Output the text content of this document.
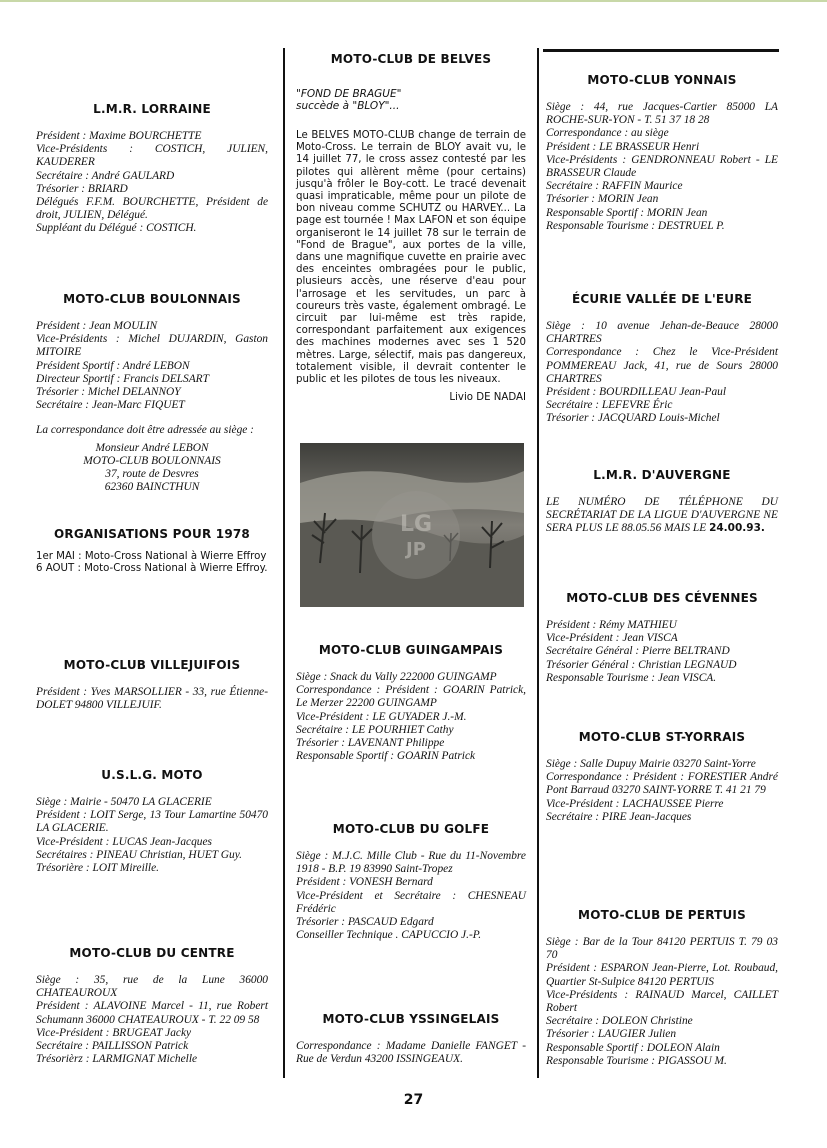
L.M.R. LORRAINE

Président : Maxime BOURCHETTE

Vice-Présidents : COSTICH, JULIEN, KAUDERER

Secrétaire : André GAULARD

Trésorier : BRIARD

Délégués F.F.M. BOURCHETTE, Président de droit, JULIEN, Délégué.

Suppléant du Délégué : COSTICH.

MOTO-CLUB BOULONNAIS

Président : Jean MOULIN

Vice-Présidents : Michel DUJARDIN, Gaston MITOIRE

Président Sportif : André LEBON

Directeur Sportif : Francis DELSART

Trésorier : Michel DELANNOY

Secrétaire : Jean-Marc FIQUET

La correspondance doit être adressée au siège :

Monsieur André LEBON

MOTO-CLUB BOULONNAIS

37, route de Desvres

62360 BAINCTHUN

ORGANISATIONS POUR 1978

1er MAI : Moto-Cross National à Wierre Effroy

6 AOUT : Moto-Cross National à Wierre Effroy.

MOTO-CLUB VILLEJUIFOIS

Président : Yves MARSOLLIER - 33, rue Étienne-DOLET 94800 VILLEJUIF.

U.S.L.G. MOTO

Siège : Mairie - 50470 LA GLACERIE

Président : LOIT Serge, 13 Tour Lamartine 50470 LA GLACERIE.

Vice-Président : LUCAS Jean-Jacques

Secrétaires : PINEAU Christian, HUET Guy.

Trésorière : LOIT Mireille.

MOTO-CLUB DU CENTRE

Siège : 35, rue de la Lune 36000 CHATEAUROUX

Président : ALAVOINE Marcel - 11, rue Robert Schumann 36000 CHATEAUROUX - T. 22 09 58

Vice-Président : BRUGEAT Jacky

Secrétaire : PAILLISSON Patrick

Trésorièrz : LARMIGNAT Michelle

MOTO-CLUB DE BELVES
"FOND DE BRAGUE"
succède à "BLOY"...
Le BELVES MOTO-CLUB change de terrain de Moto-Cross. Le terrain de BLOY avait vu, le 14 juillet 77, le cross assez contesté par les pilotes qui allèrent même (pour certains) jusqu'à frôler le Boy-cott. Le tracé devenait quasi impraticable, même pour un pilote de bon niveau comme SCHUTZ ou HARVEY... La page est tournée ! Max LAFON et son équipe organiseront le 14 juillet 78 sur le terrain de "Fond de Brague", aux portes de la ville, dans une magnifique cuvette en prairie avec des enceintes ombragées pour le public, plusieurs accès, une réserve d'eau pour l'arrosage et les servitudes, un parc à coureurs très vaste, également ombragé. Le circuit par lui-même est très rapide, correspondant parfaitement aux exigences des machines modernes avec ses 1 520 mètres. Large, sélectif, mais pas dangereux, totalement visible, il devrait contenter le public et les pilotes de tous les niveaux.
Livio DE NADAI
LG
JP
MOTO-CLUB GUINGAMPAIS

Siège : Snack du Vally 222000 GUINGAMP

Correspondance : Président : GOARIN Patrick, Le Merzer 22200 GUINGAMP

Vice-Président : LE GUYADER J.-M.

Secrétaire : LE POURHIET Cathy

Trésorier : LAVENANT Philippe

Responsable Sportif : GOARIN Patrick

MOTO-CLUB DU GOLFE

Siège : M.J.C. Mille Club - Rue du 11-Novembre 1918 - B.P. 19 83990 Saint-Tropez

Président : VONESH Bernard

Vice-Président et Secrétaire : CHESNEAU Frédéric

Trésorier : PASCAUD Edgard

Conseiller Technique . CAPUCCIO J.-P.

MOTO-CLUB YSSINGELAIS

Correspondance : Madame Danielle FANGET - Rue de Verdun 43200 ISSINGEAUX.

MOTO-CLUB YONNAIS

Siège : 44, rue Jacques-Cartier 85000 LA ROCHE-SUR-YON - T. 51 37 18 28

Correspondance : au siège

Président : LE BRASSEUR Henri

Vice-Présidents : GENDRONNEAU Robert - LE BRASSEUR Claude

Secrétaire : RAFFIN Maurice

Trésorier : MORIN Jean

Responsable Sportif : MORIN Jean

Responsable Tourisme : DESTRUEL P.

ÉCURIE VALLÉE DE L'EURE

Siège : 10 avenue Jehan-de-Beauce 28000 CHARTRES

Correspondance : Chez le Vice-Président POMMEREAU Jack, 41, rue de Sours 28000 CHARTRES

Président : BOURDILLEAU Jean-Paul

Secrétaire : LEFEVRE Éric

Trésorier : JACQUARD Louis-Michel

L.M.R. D'AUVERGNE
LE NUMÉRO DE TÉLÉPHONE DU SECRÉTARIAT DE LA LIGUE D'AUVERGNE NE SERA PLUS LE 88.05.56 MAIS LE 24.00.93.
MOTO-CLUB DES CÉVENNES

Président : Rémy MATHIEU

Vice-Président : Jean VISCA

Secrétaire Général : Pierre BELTRAND

Trésorier Général : Christian LEGNAUD

Responsable Tourisme : Jean VISCA.

MOTO-CLUB ST-YORRAIS

Siège : Salle Dupuy Mairie 03270 Saint-Yorre

Correspondance : Président : FORESTIER André Pont Barraud 03270 SAINT-YORRE T. 41 21 79

Vice-Président : LACHAUSSEE Pierre

Secrétaire : PIRE Jean-Jacques

MOTO-CLUB DE PERTUIS

Siège : Bar de la Tour 84120 PERTUIS T. 79 03 70

Président : ESPARON Jean-Pierre, Lot. Roubaud, Quartier St-Sulpice 84120 PERTUIS

Vice-Présidents : RAINAUD Marcel, CAILLET Robert

Secrétaire : DOLEON Christine

Trésorier : LAUGIER Julien

Responsable Sportif : DOLEON Alain

Responsable Tourisme : PIGASSOU M.

27
